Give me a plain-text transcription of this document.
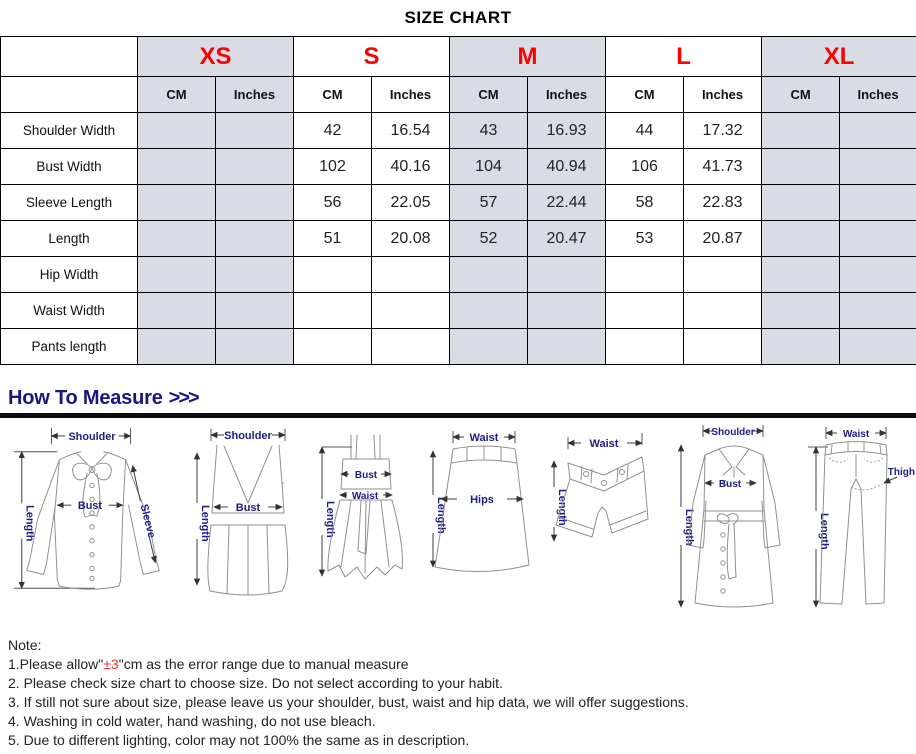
SIZE CHART
	XS		S		M		L		XL	
	CM	Inches	CM	Inches	CM	Inches	CM	Inches	CM	Inches
Shoulder Width			42	16.54	43	16.93	44	17.32		
Bust Width			102	40.16	104	40.94	106	41.73		
Sleeve Length			56	22.05	57	22.44	58	22.83		
Length			51	20.08	52	20.47	53	20.87		
Hip Width										
Waist Width										
Pants length										
How To Measure >>>
Shoulder
Length	Bust	Sleeve
Shoulder
Length Bust	Length
Bust
Waist
Waist
Length Hips
Waist
Length
Shoulder
Length
Bust
Waist
Length
Thigh
Note:
1.Please allow"±3"cm as the error range due to manual measure
2. Please check size chart to choose size. Do not select according to your habit.
3. If still not sure about size, please leave us your shoulder, bust, waist and hip data, we will offer suggestions.
4. Washing in cold water, hand washing, do not use bleach.
5. Due to different lighting, color may not 100% the same as in description.
